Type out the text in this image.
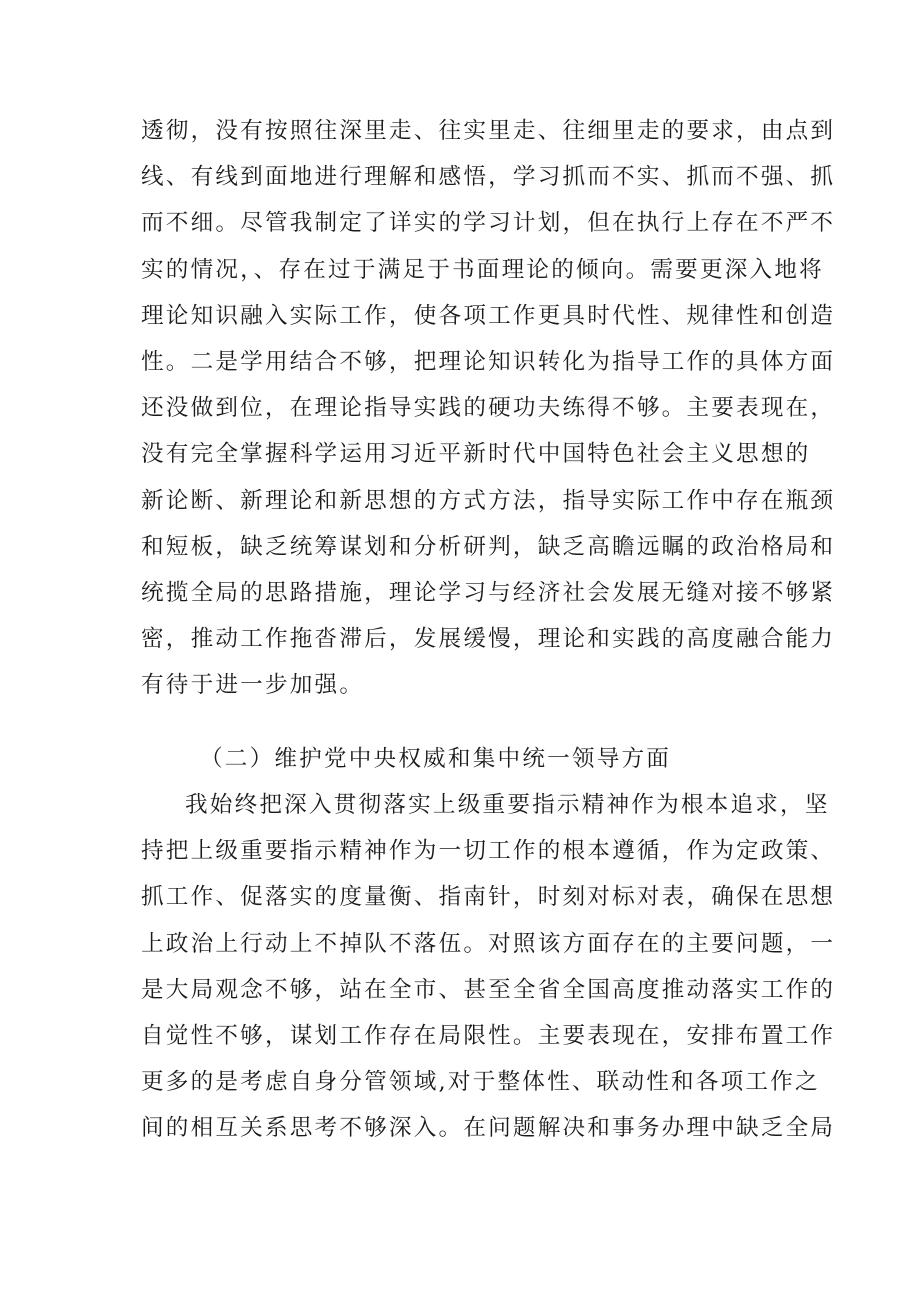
透彻，没有按照往深里走、往实里走、往细里走的要求，由点到
线、有线到面地进行理解和感悟，学习抓而不实、抓而不强、抓
而不细。尽管我制定了详实的学习计划，但在执行上存在不严不
实的情况，、存在过于满足于书面理论的倾向。需要更深入地将
理论知识融入实际工作，使各项工作更具时代性、规律性和创造
性。二是学用结合不够，把理论知识转化为指导工作的具体方面
还没做到位，在理论指导实践的硬功夫练得不够。主要表现在，
没有完全掌握科学运用习近平新时代中国特色社会主义思想的
新论断、新理论和新思想的方式方法，指导实际工作中存在瓶颈
和短板，缺乏统筹谋划和分析研判，缺乏高瞻远瞩的政治格局和
统揽全局的思路措施，理论学习与经济社会发展无缝对接不够紧
密，推动工作拖沓滞后，发展缓慢，理论和实践的高度融合能力
有待于进一步加强。
（二）维护党中央权威和集中统一领导方面
我始终把深入贯彻落实上级重要指示精神作为根本追求，坚
持把上级重要指示精神作为一切工作的根本遵循，作为定政策、
抓工作、促落实的度量衡、指南针，时刻对标对表，确保在思想
上政治上行动上不掉队不落伍。对照该方面存在的主要问题，一
是大局观念不够，站在全市、甚至全省全国高度推动落实工作的
自觉性不够，谋划工作存在局限性。主要表现在，安排布置工作
更多的是考虑自身分管领域,对于整体性、联动性和各项工作之
间的相互关系思考不够深入。在问题解决和事务办理中缺乏全局
